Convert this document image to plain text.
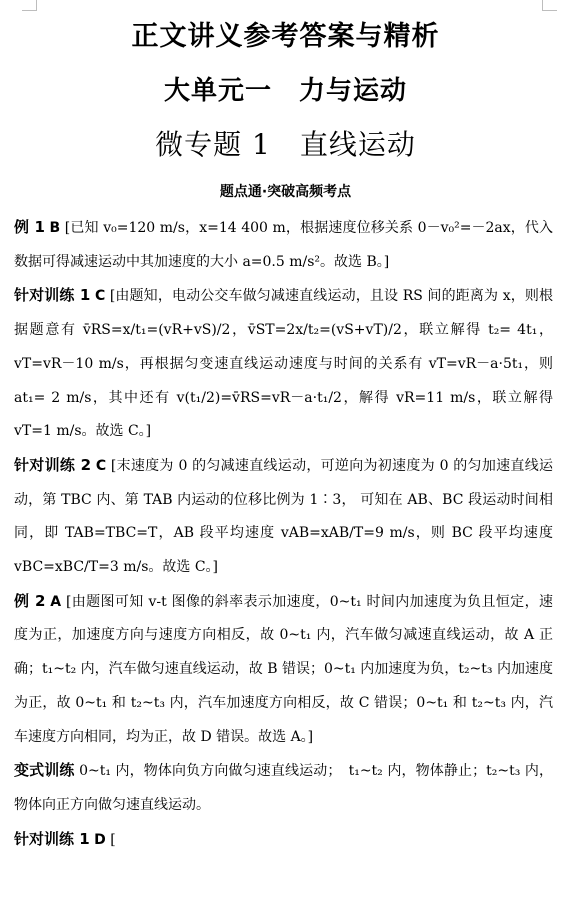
正文讲义参考答案与精析
大单元一　力与运动
微专题 1　直线运动
题点通·突破高频考点

例 1 B [已知 v₀=120 m/s，x=14 400 m，根据速度位移关系 0－v₀²=－2ax，代入数据可得减速运动中其加速度的大小 a=0.5 m/s²。故选 B。]

针对训练 1 C [由题知，电动公交车做匀减速直线运动，且设 RS 间的距离为 x，则根据题意有 v̄RS=x/t₁=(vR+vS)/2，v̄ST=2x/t₂=(vS+vT)/2，联立解得 t₂= 4t₁，vT=vR－10 m/s，再根据匀变速直线运动速度与时间的关系有 vT=vR－a·5t₁，则 at₁= 2 m/s，其中还有 v(t₁/2)=v̄RS=vR－a·t₁/2，解得 vR=11 m/s，联立解得 vT=1 m/s。故选 C。]

针对训练 2 C [末速度为 0 的匀减速直线运动，可逆向为初速度为 0 的匀加速直线运动，第 TBC 内、第 TAB 内运动的位移比例为 1∶3， 可知在 AB、BC 段运动时间相同，即 TAB=TBC=T，AB 段平均速度 vAB=xAB/T=9 m/s，则 BC 段平均速度 vBC=xBC/T=3 m/s。故选 C。]

例 2 A [由题图可知 v-t 图像的斜率表示加速度，0~t₁ 时间内加速度为负且恒定，速度为正，加速度方向与速度方向相反，故 0~t₁ 内，汽车做匀减速直线运动，故 A 正确；t₁~t₂ 内，汽车做匀速直线运动，故 B 错误；0~t₁ 内加速度为负，t₂~t₃ 内加速度为正，故 0~t₁ 和 t₂~t₃ 内，汽车加速度方向相反，故 C 错误；0~t₁ 和 t₂~t₃ 内，汽车速度方向相同，均为正，故 D 错误。故选 A。]

变式训练 0~t₁ 内，物体向负方向做匀速直线运动；　t₁~t₂ 内，物体静止；t₂~t₃ 内，物体向正方向做匀速直线运动。

针对训练 1 D [
